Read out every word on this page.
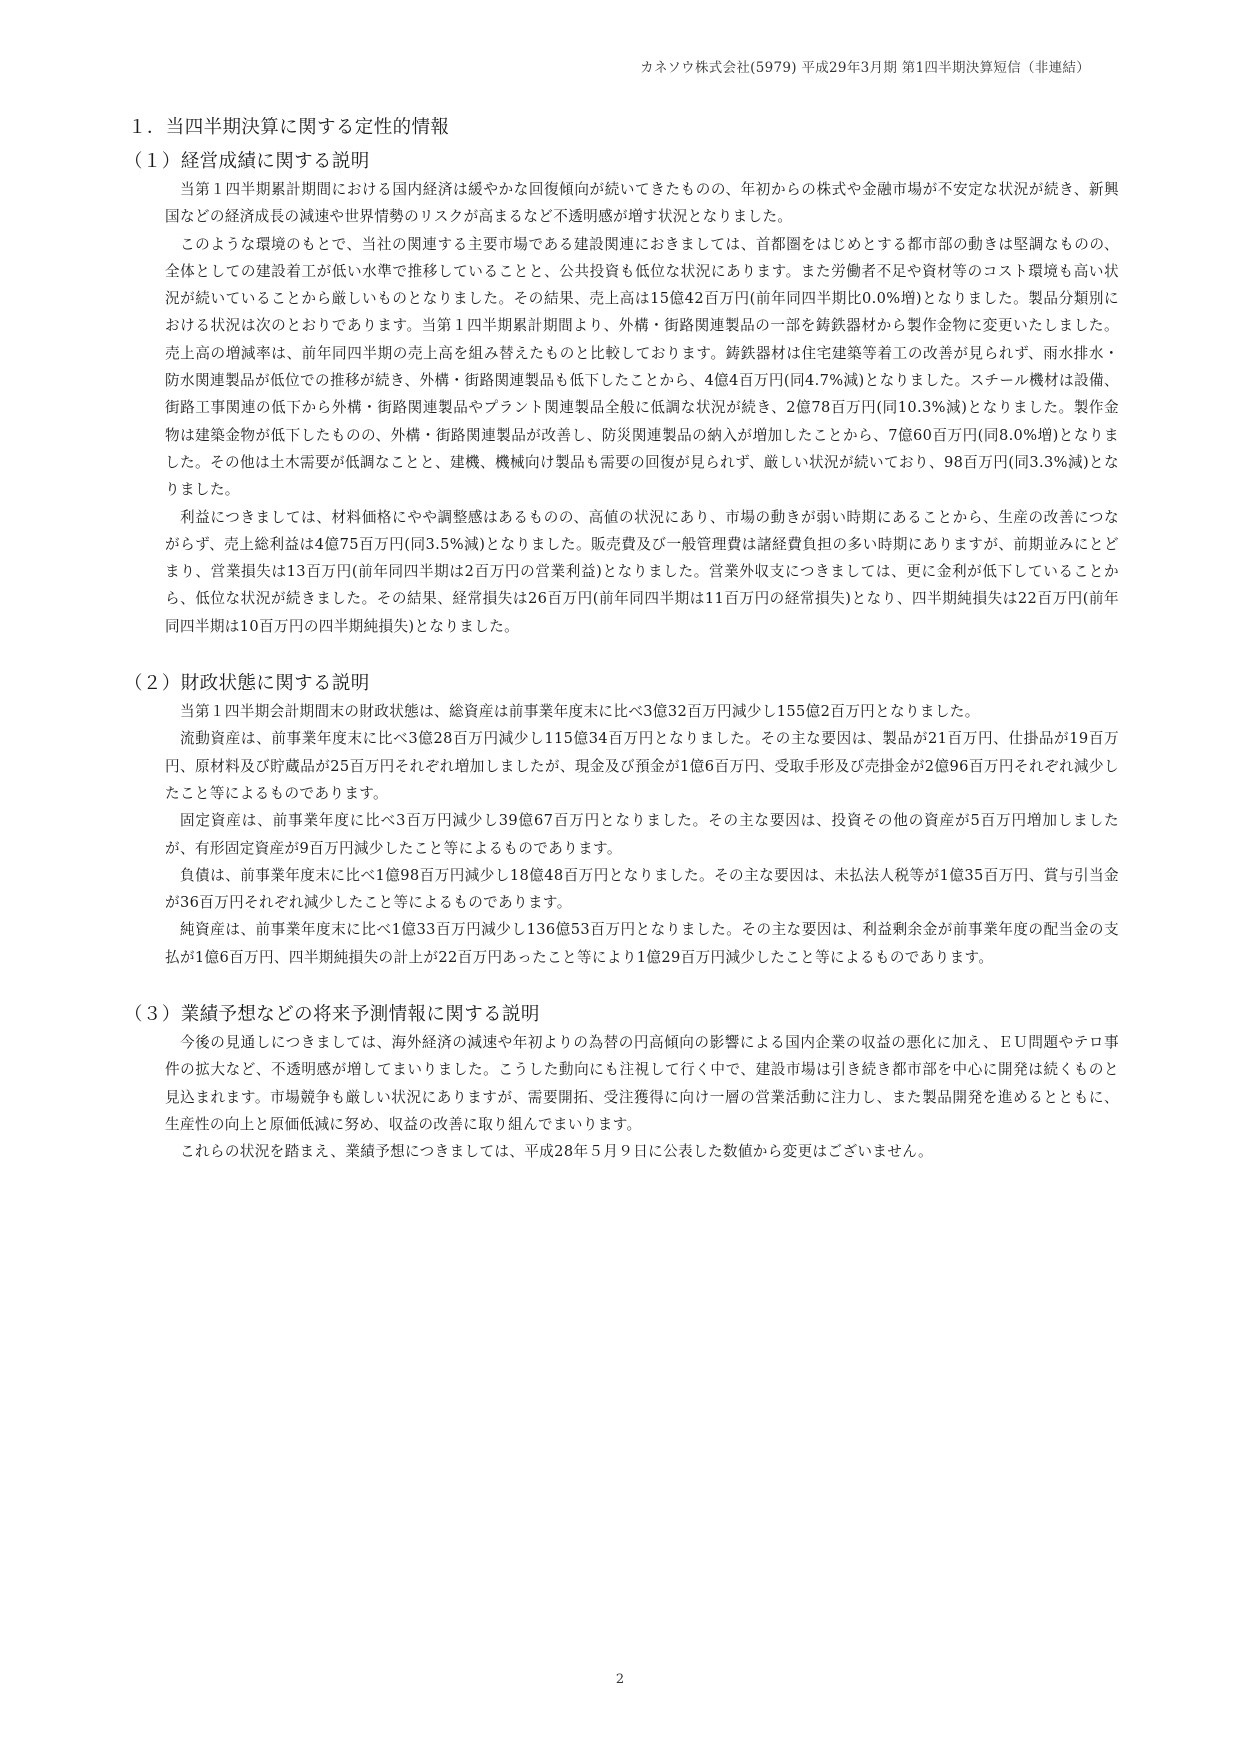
カネソウ株式会社(5979) 平成29年3月期 第1四半期決算短信（非連結）
１．当四半期決算に関する定性的情報
（１）経営成績に関する説明

当第１四半期累計期間における国内経済は緩やかな回復傾向が続いてきたものの、年初からの株式や金融市場が不安定な状況が続き、新興国などの経済成長の減速や世界情勢のリスクが高まるなど不透明感が増す状況となりました。

このような環境のもとで、当社の関連する主要市場である建設関連におきましては、首都圏をはじめとする都市部の動きは堅調なものの、全体としての建設着工が低い水準で推移していることと、公共投資も低位な状況にあります。また労働者不足や資材等のコスト環境も高い状況が続いていることから厳しいものとなりました。その結果、売上高は15億42百万円(前年同四半期比0.0%増)となりました。製品分類別における状況は次のとおりであります。当第１四半期累計期間より、外構・街路関連製品の一部を鋳鉄器材から製作金物に変更いたしました。売上高の増減率は、前年同四半期の売上高を組み替えたものと比較しております。鋳鉄器材は住宅建築等着工の改善が見られず、雨水排水・防水関連製品が低位での推移が続き、外構・街路関連製品も低下したことから、4億4百万円(同4.7%減)となりました。スチール機材は設備、街路工事関連の低下から外構・街路関連製品やプラント関連製品全般に低調な状況が続き、2億78百万円(同10.3%減)となりました。製作金物は建築金物が低下したものの、外構・街路関連製品が改善し、防災関連製品の納入が増加したことから、7億60百万円(同8.0%増)となりました。その他は土木需要が低調なことと、建機、機械向け製品も需要の回復が見られず、厳しい状況が続いており、98百万円(同3.3%減)となりました。

利益につきましては、材料価格にやや調整感はあるものの、高値の状況にあり、市場の動きが弱い時期にあることから、生産の改善につながらず、売上総利益は4億75百万円(同3.5%減)となりました。販売費及び一般管理費は諸経費負担の多い時期にありますが、前期並みにとどまり、営業損失は13百万円(前年同四半期は2百万円の営業利益)となりました。営業外収支につきましては、更に金利が低下していることから、低位な状況が続きました。その結果、経常損失は26百万円(前年同四半期は11百万円の経常損失)となり、四半期純損失は22百万円(前年同四半期は10百万円の四半期純損失)となりました。

（２）財政状態に関する説明

当第１四半期会計期間末の財政状態は、総資産は前事業年度末に比べ3億32百万円減少し155億2百万円となりました。

流動資産は、前事業年度末に比べ3億28百万円減少し115億34百万円となりました。その主な要因は、製品が21百万円、仕掛品が19百万円、原材料及び貯蔵品が25百万円それぞれ増加しましたが、現金及び預金が1億6百万円、受取手形及び売掛金が2億96百万円それぞれ減少したこと等によるものであります。

固定資産は、前事業年度に比べ3百万円減少し39億67百万円となりました。その主な要因は、投資その他の資産が5百万円増加しましたが、有形固定資産が9百万円減少したこと等によるものであります。

負債は、前事業年度末に比べ1億98百万円減少し18億48百万円となりました。その主な要因は、未払法人税等が1億35百万円、賞与引当金が36百万円それぞれ減少したこと等によるものであります。

純資産は、前事業年度末に比べ1億33百万円減少し136億53百万円となりました。その主な要因は、利益剰余金が前事業年度の配当金の支払が1億6百万円、四半期純損失の計上が22百万円あったこと等により1億29百万円減少したこと等によるものであります。

（３）業績予想などの将来予測情報に関する説明

今後の見通しにつきましては、海外経済の減速や年初よりの為替の円高傾向の影響による国内企業の収益の悪化に加え、ＥＵ問題やテロ事件の拡大など、不透明感が増してまいりました。こうした動向にも注視して行く中で、建設市場は引き続き都市部を中心に開発は続くものと見込まれます。市場競争も厳しい状況にありますが、需要開拓、受注獲得に向け一層の営業活動に注力し、また製品開発を進めるとともに、生産性の向上と原価低減に努め、収益の改善に取り組んでまいります。

これらの状況を踏まえ、業績予想につきましては、平成28年５月９日に公表した数値から変更はございません。

2
